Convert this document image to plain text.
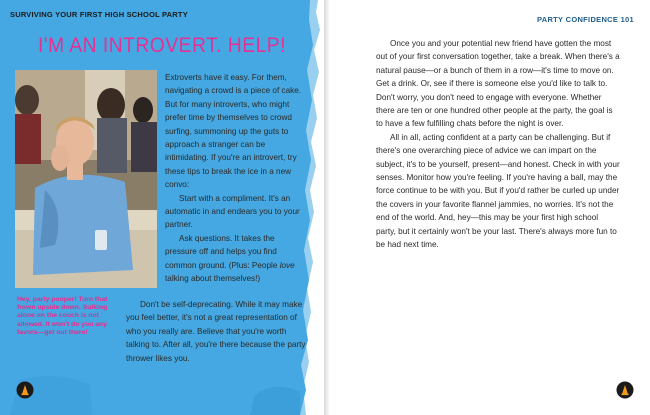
SURVIVING YOUR FIRST HIGH SCHOOL PARTY
I'M AN INTROVERT. HELP!
Hey, party pooper! Turn that frown upside down. Sulking alone on the couch is not allowed. It won't do you any favors—get out there!

Extroverts have it easy. For them, navigating a crowd is a piece of cake. But for many introverts, who might prefer time by themselves to crowd surfing, summoning up the guts to approach a stranger can be intimidating. If you're an introvert, try these tips to break the ice in a new convo:

Start with a compliment. It's an automatic in and endears you to your partner.

Ask questions. It takes the pressure off and helps you find common ground. (Plus: People love talking about themselves!)

Don't be self-deprecating. While it may make you feel better, it's not a great representation of who you really are. Believe that you're worth talking to. After all, you're there because the party thrower likes you.

PARTY CONFIDENCE 101

Once you and your potential new friend have gotten the most out of your first conversation together, take a break. When there's a natural pause—or a bunch of them in a row—it's time to move on. Get a drink. Or, see if there is someone else you'd like to talk to. Don't worry, you don't need to engage with everyone. Whether there are ten or one hundred other people at the party, the goal is to have a few fulfilling chats before the night is over.

All in all, acting confident at a party can be challenging. But if there's one overarching piece of advice we can impart on the subject, it's to be yourself, present—and honest. Check in with your senses. Monitor how you're feeling. If you're having a ball, may the force continue to be with you. But if you'd rather be curled up under the covers in your favorite flannel jammies, no worries. It's not the end of the world. And, hey—this may be your first high school party, but it certainly won't be your last. There's always more fun to be had next time.
